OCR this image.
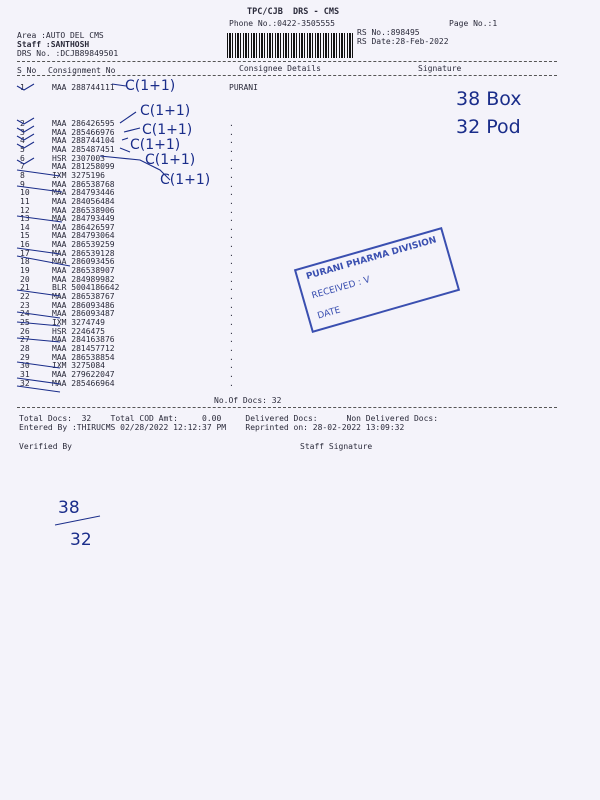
TPC/CJB  DRS - CMS
Phone No.:0422-3505555	Page No.:1
Area :AUTO DEL CMS
Staff :SANTHOSH
DRS No. :DCJB89849501
RS No.:898495
RS Date:28-Feb-2022
S No Consignment No	Consignee Details	Signature
1	MAA 288744111	PURANI
2	MAA 286426595	.
3	MAA 285466976	.
4	MAA 288744104	.
5	MAA 285487451	.
6	HSR 2307003	.
7	MAA 281258099	.
8	IXM 3275196	.
9	MAA 286538768	.
10	MAA 284793446	.
11	MAA 284056484	.
12	MAA 286538906	.
13	MAA 284793449	.
14	MAA 286426597	.
15	MAA 284793064	.
16	MAA 286539259	.
17	MAA 286539128	.
18	MAA 286093456	.
19	MAA 286538907	.
20	MAA 284989982	.
21	BLR 5004186642	.
22	MAA 286538767	.
23	MAA 286093486	.
24	MAA 286093487	.
25	IXM 3274749	.
26	HSR 2246475	.
27	MAA 284163876	.
28	MAA 281457712	.
29	MAA 286538854	.
30	IXM 3275084	.
31	MAA 279622047	.
32	MAA 285466964	.
No.Of Docs: 32
Total Docs:  32    Total COD Amt:     0.00     Delivered Docs:      Non Delivered Docs:
Entered By :THIRUCMS 02/28/2022 12:12:37 PM    Reprinted on: 28-02-2022 13:09:32
Verified By	Staff Signature
C(1+1)
C(1+1)
C(1+1)
C(1+1)
C(1+1)
C(1+1)
38 Box
32 Pod
38
32
PURANI PHARMA DIVISION
RECEIVED : V
DATE
